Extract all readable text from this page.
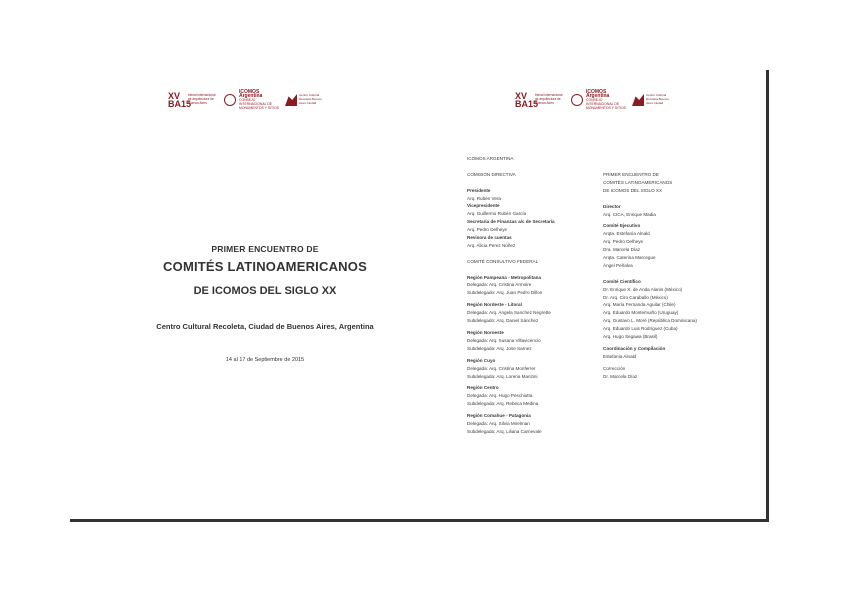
XV
BA15
bienal internacional de arquitectura de Buenos Aires
ICOMOS Argentina
CONSEJO INTERNACIONAL DE MONUMENTOS Y SITIOS
Centro Cultural Recoleta Buenos Aires Ciudad
XV
BA15
bienal internacional de arquitectura de Buenos Aires
ICOMOS Argentina
CONSEJO INTERNACIONAL DE MONUMENTOS Y SITIOS
Centro Cultural Recoleta Buenos Aires Ciudad
PRIMER ENCUENTRO DE
COMITÉS LATINOAMERICANOS
DE ICOMOS DEL SIGLO XX
Centro Cultural Recoleta, Ciudad de Buenos Aires, Argentina
14 al 17 de Septiembre de 2015
ICOMOS ARGENTINA
COMISIÓN DIRECTIVA
Presidente
Arq. Rubén Vera
Vicepresidente
Arq. Guillermo Rubén García
Secretaria de Finanzas a/c de Secretaría
Arq. Pedro Delheye
Revisora de cuentas
Arq. Alicia Perez Núñez
COMITÉ CONSULTIVO FEDERAL
Región Pampeana - Metropolitana
Delegada: Arq. Cristina Armoire
Subdelegado: Arq. Juan Pedro Dillon
Región Nordeste - Litoral
Delegada: Arq. Angela Sanchez Negrette
Subdelegado: Arq. Daniel Sánchez
Región Noroeste
Delegada: Arq. Susana Villavicencio
Subdelegada: Arq. Jose Sarnez
Región Cuyo
Delegada: Arq. Cristina Monferrer
Subdelegada: Arq. Lorena Manzini
Región Centro
Delegada: Arq. Hugo Peschiutta
Subdelegada: Arq. Rebeca Medina
Región Comahue - Patagonia
Delegada: Arq. Silvia Mirelman
Subdelegada: Arq. Liliana Carnevale
PRIMER ENCUENTRO DE
COMITÉS LATINOAMERICANOS
DE ICOMOS DEL SIGLO XX
Director
Arq. CICA, Enrique Madia
Comité Ejecutivo
Arqta. Estefanía Alnald
Arq. Pedro Delheye
Dra. Marcela Díaz
Arqta. Caterina Marcegue
Ángel Peñalva
Comité Científico
Dr. Enrique X. de Anda Alanis (México)
Dr. Arq. Ciro Caraballo (México)
Arq. María Fernanda Aguilar (Chile)
Arq. Eduardo Montemuiño (Uruguay)
Arq. Gustavo L. Moré (República Dominicana)
Arq. Eduardo Luis Rodríguez (Cuba)
Arq. Hugo Segawa (Brasil)
Coordinación y Compilación
Estefanía Alnald
Corrección
Dr. Marcela Díaz
